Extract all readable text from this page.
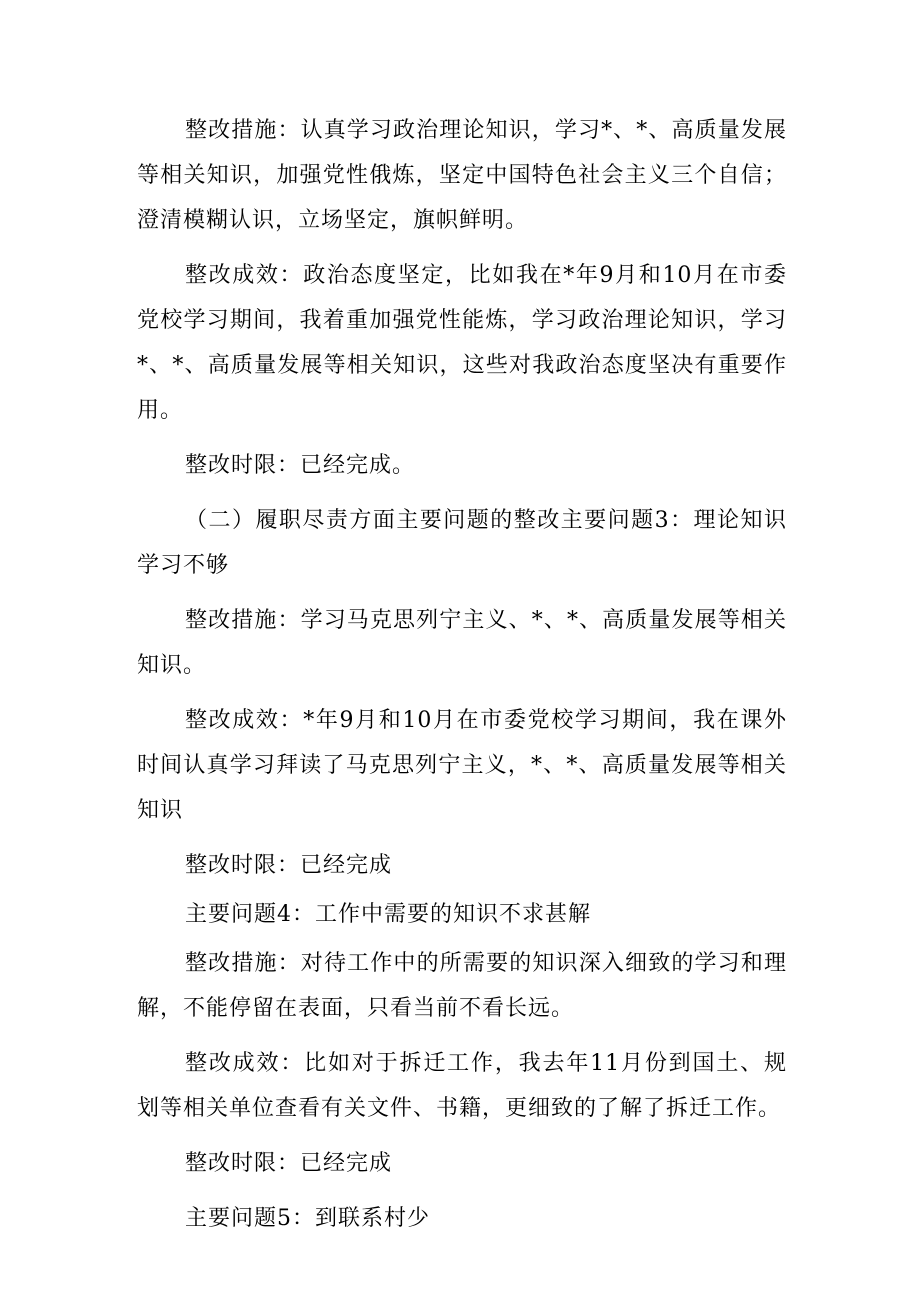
整改措施：认真学习政治理论知识，学习*、*、高质量发展等相关知识，加强党性俄炼，坚定中国特色社会主义三个自信；澄清模糊认识，立场坚定，旗帜鲜明。

整改成效：政治态度坚定，比如我在*年9月和10月在市委党校学习期间，我着重加强党性能炼，学习政治理论知识，学习*、*、高质量发展等相关知识，这些对我政治态度坚决有重要作用。

整改时限：已经完成。

（二）履职尽责方面主要问题的整改主要问题3：理论知识学习不够

整改措施：学习马克思列宁主义、*、*、高质量发展等相关知识。

整改成效：*年9月和10月在市委党校学习期间，我在课外时间认真学习拜读了马克思列宁主义，*、*、高质量发展等相关知识

整改时限：已经完成

主要问题4：工作中需要的知识不求甚解

整改措施：对待工作中的所需要的知识深入细致的学习和理解，不能停留在表面，只看当前不看长远。

整改成效：比如对于拆迁工作，我去年11月份到国土、规划等相关单位查看有关文件、书籍，更细致的了解了拆迁工作。

整改时限：已经完成

主要问题5：到联系村少
